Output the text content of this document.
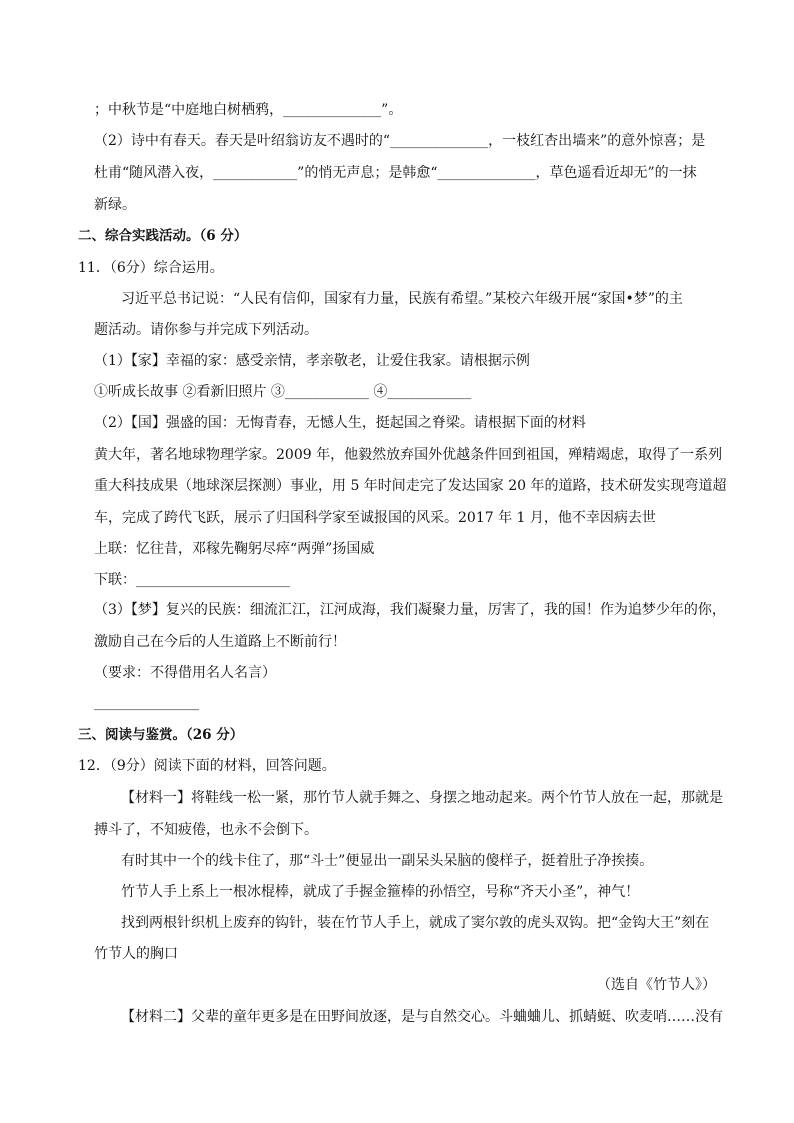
；中秋节是“中庭地白树栖鸦，______________”。
（2）诗中有春天。春天是叶绍翁访友不遇时的“______________，一枝红杏出墙来”的意外惊喜；是
杜甫“随风潜入夜，____________”的悄无声息；是韩愈“______________，草色遥看近却无”的一抹
新绿。
二、综合实践活动。（6 分）
11．（6分）综合运用。
习近平总书记说：“人民有信仰，国家有力量，民族有希望。”某校六年级开展“家国•梦”的主
题活动。请你参与并完成下列活动。
（1）【家】幸福的家：感受亲情，孝亲敬老，让爱住我家。请根据示例
①听成长故事 ②看新旧照片 ③____________ ④____________
（2）【国】强盛的国：无悔青春，无憾人生，挺起国之脊梁。请根据下面的材料
黄大年，著名地球物理学家。2009 年，他毅然放弃国外优越条件回到祖国，殚精竭虑，取得了一系列
重大科技成果（地球深层探测）事业，用 5 年时间走完了发达国家 20 年的道路，技术研发实现弯道超
车，完成了跨代飞跃，展示了归国科学家至诚报国的风采。2017 年 1 月，他不幸因病去世
上联：忆往昔，邓稼先鞠躬尽瘁“两弹”扬国威
下联：______________________
（3）【梦】复兴的民族：细流汇江，江河成海，我们凝聚力量，厉害了，我的国！作为追梦少年的你，
激励自己在今后的人生道路上不断前行！
（要求：不得借用名人名言）
_______________
三、阅读与鉴赏。（26 分）
12．（9分）阅读下面的材料，回答问题。
【材料一】将鞋线一松一紧，那竹节人就手舞之、身摆之地动起来。两个竹节人放在一起，那就是
搏斗了，不知疲倦，也永不会倒下。
有时其中一个的线卡住了，那“斗士”便显出一副呆头呆脑的傻样子，挺着肚子净挨揍。
竹节人手上系上一根冰棍棒，就成了手握金箍棒的孙悟空，号称“齐天小圣”，神气！
找到两根针织机上废弃的钩针，装在竹节人手上，就成了窦尔敦的虎头双钩。把“金钩大王”刻在
竹节人的胸口
（选自《竹节人》）
【材料二】父辈的童年更多是在田野间放逐，是与自然交心。斗蛐蛐儿、抓蜻蜓、吹麦哨……没有
